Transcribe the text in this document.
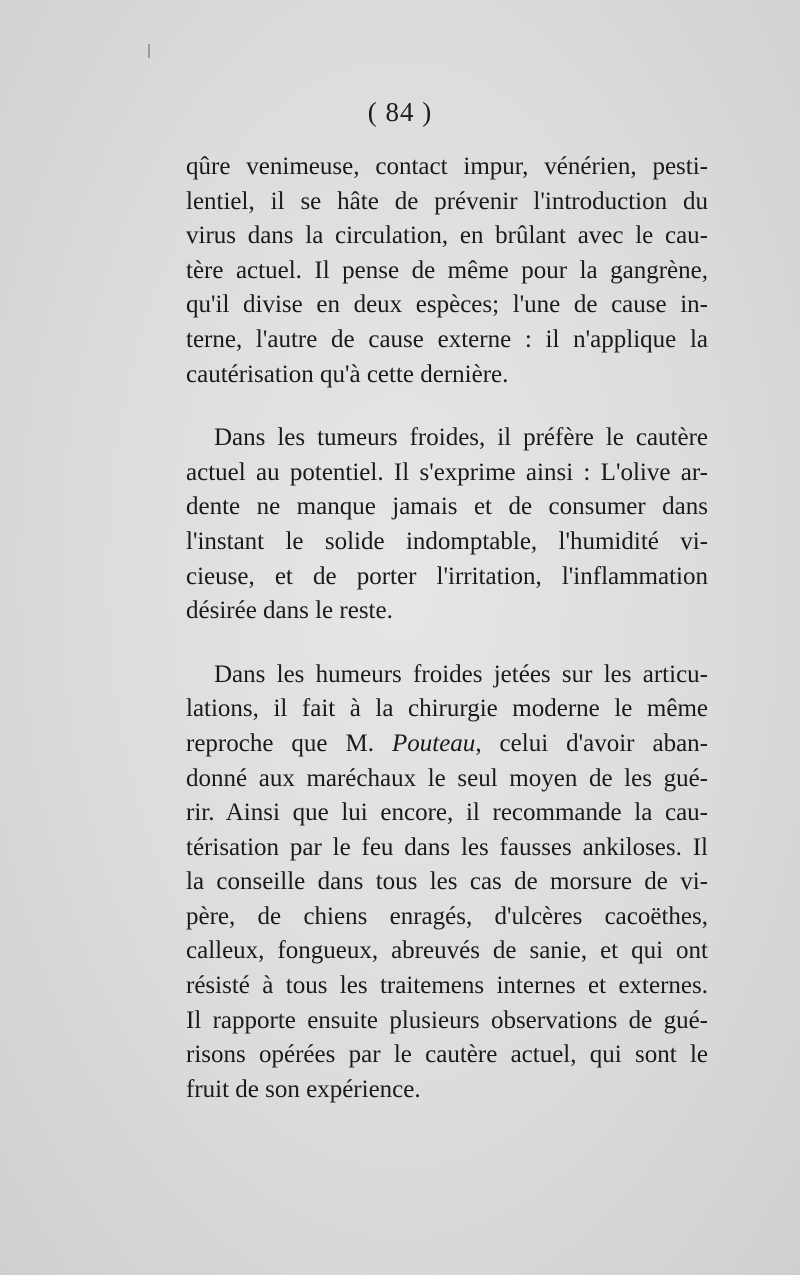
( 84 )
qûre venimeuse, contact impur, vénérien, pesti-
lentiel, il se hâte de prévenir l'introduction du
virus dans la circulation, en brûlant avec le cau-
tère actuel. Il pense de même pour la gangrène,
qu'il divise en deux espèces; l'une de cause in-
terne, l'autre de cause externe : il n'applique la
cautérisation qu'à cette dernière.
Dans les tumeurs froides, il préfère le cautère
actuel au potentiel. Il s'exprime ainsi : L'olive ar-
dente ne manque jamais et de consumer dans
l'instant le solide indomptable, l'humidité vi-
cieuse, et de porter l'irritation, l'inflammation
désirée dans le reste.
Dans les humeurs froides jetées sur les articu-
lations, il fait à la chirurgie moderne le même
reproche que M. Pouteau, celui d'avoir aban-
donné aux maréchaux le seul moyen de les gué-
rir. Ainsi que lui encore, il recommande la cau-
térisation par le feu dans les fausses ankiloses. Il
la conseille dans tous les cas de morsure de vi-
père, de chiens enragés, d'ulcères cacoëthes,
calleux, fongueux, abreuvés de sanie, et qui ont
résisté à tous les traitemens internes et externes.
Il rapporte ensuite plusieurs observations de gué-
risons opérées par le cautère actuel, qui sont le
fruit de son expérience.
